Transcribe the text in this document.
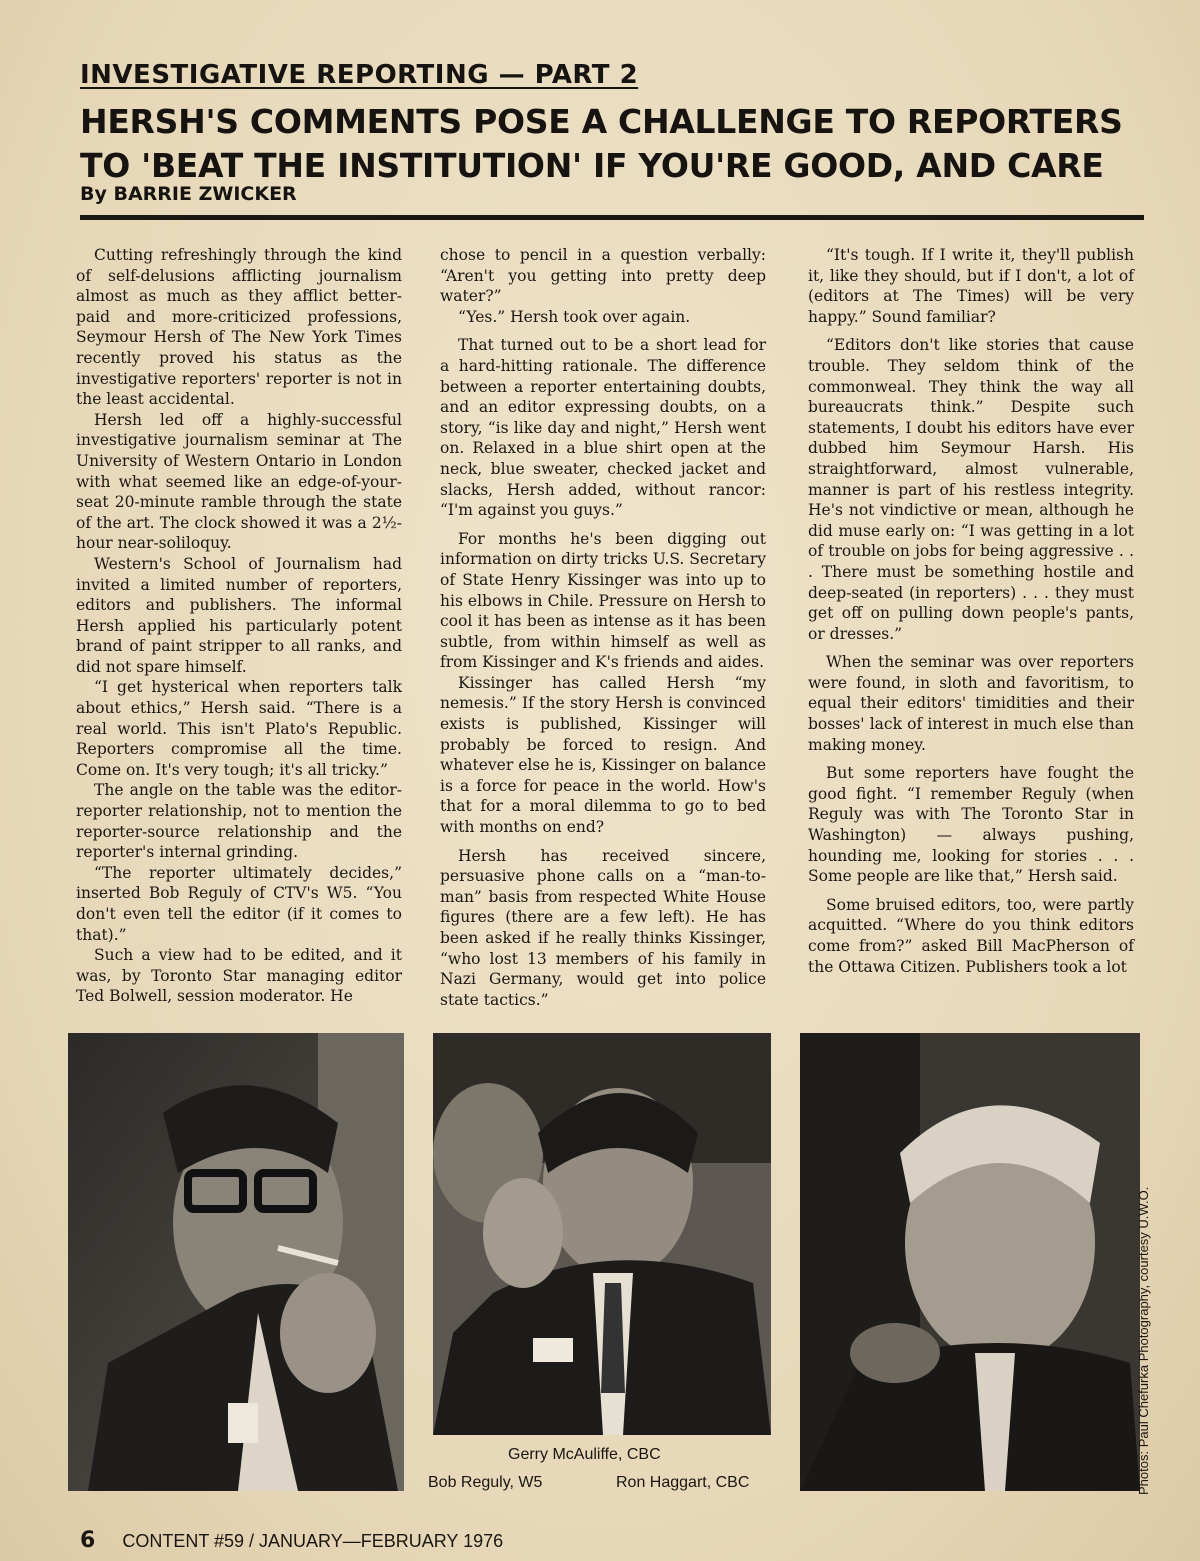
INVESTIGATIVE REPORTING — PART 2
HERSH'S COMMENTS POSE A CHALLENGE TO REPORTERS
TO 'BEAT THE INSTITUTION' IF YOU'RE GOOD, AND CARE
By BARRIE ZWICKER

Cutting refreshingly through the kind of self-delusions afflicting journalism almost as much as they afflict better-paid and more-criticized professions, Seymour Hersh of The New York Times recently proved his status as the investigative reporters' reporter is not in the least accidental.

Hersh led off a highly-successful investigative journalism seminar at The University of Western Ontario in London with what seemed like an edge-of-your-seat 20-minute ramble through the state of the art. The clock showed it was a 2½-hour near-soliloquy.

Western's School of Journalism had invited a limited number of reporters, editors and publishers. The informal Hersh applied his particularly potent brand of paint stripper to all ranks, and did not spare himself.

“I get hysterical when reporters talk about ethics,” Hersh said. “There is a real world. This isn't Plato's Republic. Reporters compromise all the time. Come on. It's very tough; it's all tricky.”

The angle on the table was the editor-reporter relationship, not to mention the reporter-source relationship and the reporter's internal grinding.

“The reporter ultimately decides,” inserted Bob Reguly of CTV's W5. “You don't even tell the editor (if it comes to that).”

Such a view had to be edited, and it was, by Toronto Star managing editor Ted Bolwell, session moderator. He

chose to pencil in a question verbally: “Aren't you getting into pretty deep water?”

“Yes.” Hersh took over again.

That turned out to be a short lead for a hard-hitting rationale. The difference between a reporter entertaining doubts, and an editor expressing doubts, on a story, “is like day and night,” Hersh went on. Relaxed in a blue shirt open at the neck, blue sweater, checked jacket and slacks, Hersh added, without rancor: “I'm against you guys.”

For months he's been digging out information on dirty tricks U.S. Secretary of State Henry Kissinger was into up to his elbows in Chile. Pressure on Hersh to cool it has been as intense as it has been subtle, from within himself as well as from Kissinger and K's friends and aides.

Kissinger has called Hersh “my nemesis.” If the story Hersh is convinced exists is published, Kissinger will probably be forced to resign. And whatever else he is, Kissinger on balance is a force for peace in the world. How's that for a moral dilemma to go to bed with months on end?

Hersh has received sincere, persuasive phone calls on a “man-to-man” basis from respected White House figures (there are a few left). He has been asked if he really thinks Kissinger, “who lost 13 members of his family in Nazi Germany, would get into police state tactics.”

“It's tough. If I write it, they'll publish it, like they should, but if I don't, a lot of (editors at The Times) will be very happy.” Sound familiar?

“Editors don't like stories that cause trouble. They seldom think of the commonweal. They think the way all bureaucrats think.” Despite such statements, I doubt his editors have ever dubbed him Seymour Harsh. His straightforward, almost vulnerable, manner is part of his restless integrity. He's not vindictive or mean, although he did muse early on: “I was getting in a lot of trouble on jobs for being aggressive . . . There must be something hostile and deep-seated (in reporters) . . . they must get off on pulling down people's pants, or dresses.”

When the seminar was over reporters were found, in sloth and favoritism, to equal their editors' timidities and their bosses' lack of interest in much else than making money.

But some reporters have fought the good fight. “I remember Reguly (when Reguly was with The Toronto Star in Washington) — always pushing, hounding me, looking for stories . . . Some people are like that,” Hersh said.

Some bruised editors, too, were partly acquitted. “Where do you think editors come from?” asked Bill MacPherson of the Ottawa Citizen. Publishers took a lot

Gerry McAuliffe, CBC
Bob Reguly, W5	Ron Haggart, CBC	Photos: Paul Chefurka Photography, courtesy U.W.O.
6 CONTENT #59 / JANUARY—FEBRUARY 1976
